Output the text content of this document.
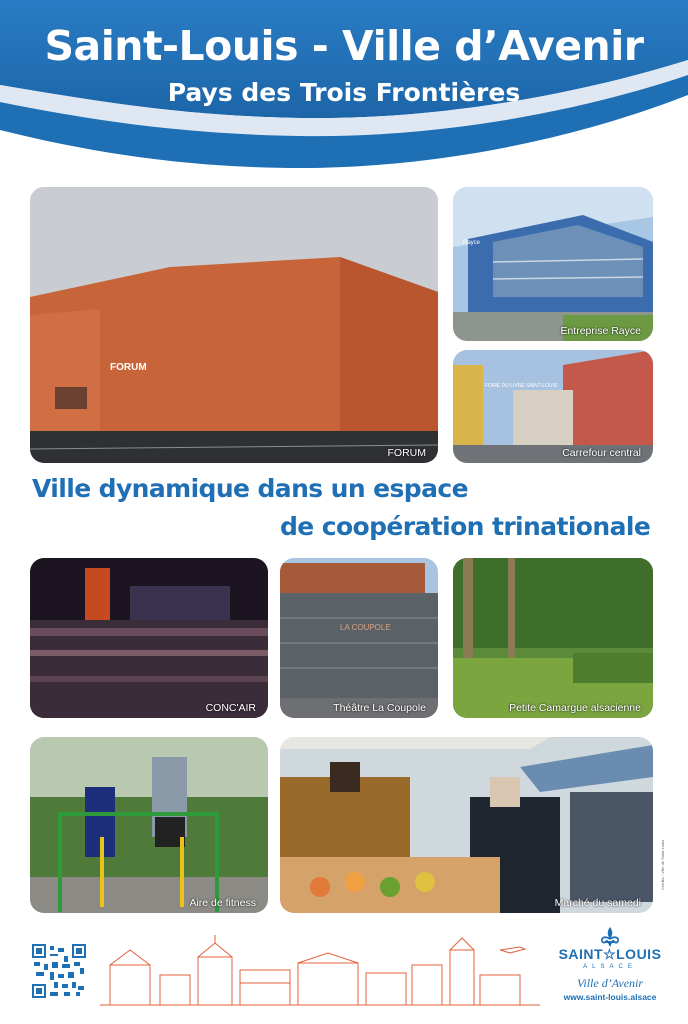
Saint-Louis - Ville d’Avenir
Pays des Trois Frontières
FORUM
FORUM
Rayce
Entreprise Rayce
FOIRE DU LIVRE SAINT-LOUIS
Carrefour central
Ville dynamique dans un espace
de coopération trinationale
CONC'AIR
LA COUPOLE
Théâtre La Coupole	Petite Camargue alsacienne
Aire de fitness	Marché du samedi
Crédits : Ville de Saint-Louis
SAINT☆LOUIS
ALSACE
Ville d’Avenir
www.saint-louis.alsace
